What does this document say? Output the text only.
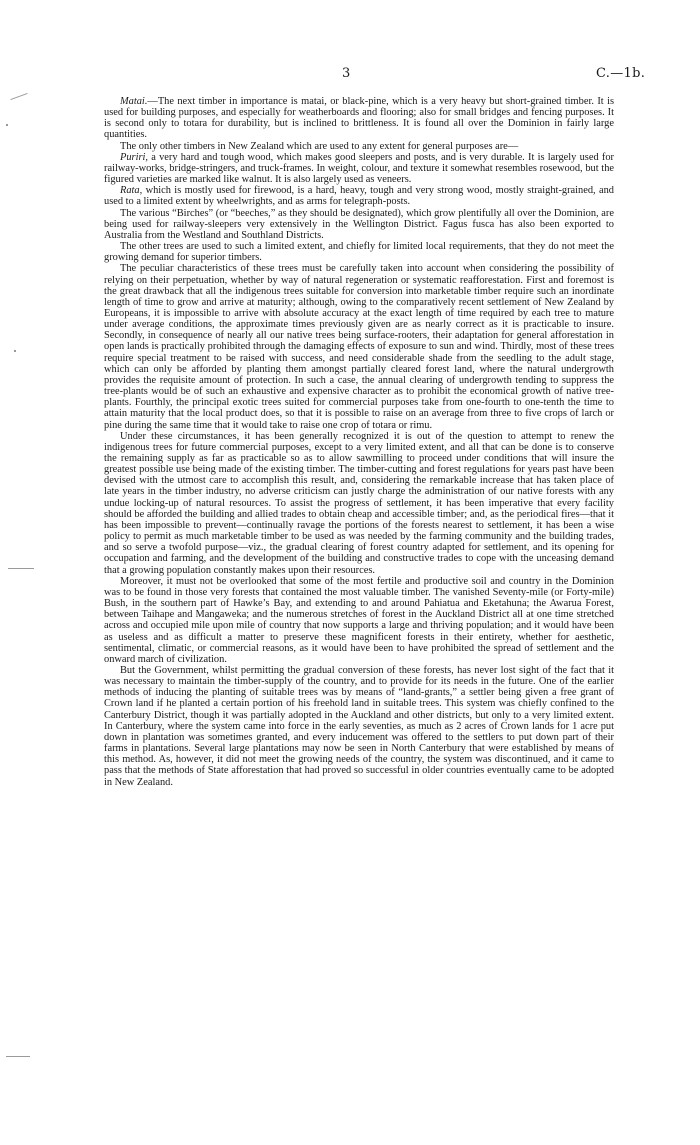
3	C.—1b.

Matai.—The next timber in importance is matai, or black-pine, which is a very heavy but short-grained timber. It is used for building purposes, and especially for weatherboards and flooring; also for small bridges and fencing purposes. It is second only to totara for durability, but is inclined to brittleness. It is found all over the Dominion in fairly large quantities.

The only other timbers in New Zealand which are used to any extent for general purposes are—

Puriri, a very hard and tough wood, which makes good sleepers and posts, and is very durable. It is largely used for railway-works, bridge-stringers, and truck-frames. In weight, colour, and texture it somewhat resembles rosewood, but the figured varieties are marked like walnut. It is also largely used as veneers.

Rata, which is mostly used for firewood, is a hard, heavy, tough and very strong wood, mostly straight-grained, and used to a limited extent by wheelwrights, and as arms for telegraph-posts.

The various “Birches” (or “beeches,” as they should be designated), which grow plentifully all over the Dominion, are being used for railway-sleepers very extensively in the Wellington District. Fagus fusca has also been exported to Australia from the Westland and Southland Districts.

The other trees are used to such a limited extent, and chiefly for limited local requirements, that they do not meet the growing demand for superior timbers.

The peculiar characteristics of these trees must be carefully taken into account when considering the possibility of relying on their perpetuation, whether by way of natural regeneration or systematic reafforestation. First and foremost is the great drawback that all the indigenous trees suitable for conversion into marketable timber require such an inordinate length of time to grow and arrive at maturity; although, owing to the comparatively recent settlement of New Zealand by Europeans, it is impossible to arrive with absolute accuracy at the exact length of time required by each tree to mature under average conditions, the approximate times previously given are as nearly correct as it is practicable to insure. Secondly, in consequence of nearly all our native trees being surface-rooters, their adaptation for general afforestation in open lands is practically prohibited through the damaging effects of exposure to sun and wind. Thirdly, most of these trees require special treatment to be raised with success, and need considerable shade from the seedling to the adult stage, which can only be afforded by planting them amongst partially cleared forest land, where the natural undergrowth provides the requisite amount of protection. In such a case, the annual clearing of undergrowth tending to suppress the tree-plants would be of such an exhaustive and expensive character as to prohibit the economical growth of native tree-plants. Fourthly, the principal exotic trees suited for commercial purposes take from one-fourth to one-tenth the time to attain maturity that the local product does, so that it is possible to raise on an average from three to five crops of larch or pine during the same time that it would take to raise one crop of totara or rimu.

Under these circumstances, it has been generally recognized it is out of the question to attempt to renew the indigenous trees for future commercial purposes, except to a very limited extent, and all that can be done is to conserve the remaining supply as far as practicable so as to allow sawmilling to proceed under conditions that will insure the greatest possible use being made of the existing timber. The timber-cutting and forest regulations for years past have been devised with the utmost care to accomplish this result, and, considering the remarkable increase that has taken place of late years in the timber industry, no adverse criticism can justly charge the administration of our native forests with any undue locking-up of natural resources. To assist the progress of settlement, it has been imperative that every facility should be afforded the building and allied trades to obtain cheap and accessible timber; and, as the periodical fires—that it has been impossible to prevent—continually ravage the portions of the forests nearest to settlement, it has been a wise policy to permit as much marketable timber to be used as was needed by the farming community and the building trades, and so serve a twofold purpose—viz., the gradual clearing of forest country adapted for settlement, and its opening for occupation and farming, and the development of the building and constructive trades to cope with the unceasing demand that a growing population constantly makes upon their resources.

Moreover, it must not be overlooked that some of the most fertile and productive soil and country in the Dominion was to be found in those very forests that contained the most valuable timber. The vanished Seventy-mile (or Forty-mile) Bush, in the southern part of Hawke’s Bay, and extending to and around Pahiatua and Eketahuna; the Awarua Forest, between Taihape and Mangaweka; and the numerous stretches of forest in the Auckland District all at one time stretched across and occupied mile upon mile of country that now supports a large and thriving population; and it would have been as useless and as difficult a matter to preserve these magnificent forests in their entirety, whether for aesthetic, sentimental, climatic, or commercial reasons, as it would have been to have prohibited the spread of settlement and the onward march of civilization.

But the Government, whilst permitting the gradual conversion of these forests, has never lost sight of the fact that it was necessary to maintain the timber-supply of the country, and to provide for its needs in the future. One of the earlier methods of inducing the planting of suitable trees was by means of “land-grants,” a settler being given a free grant of Crown land if he planted a certain portion of his freehold land in suitable trees. This system was chiefly confined to the Canterbury District, though it was partially adopted in the Auckland and other districts, but only to a very limited extent. In Canterbury, where the system came into force in the early seventies, as much as 2 acres of Crown lands for 1 acre put down in plantation was sometimes granted, and every inducement was offered to the settlers to put down part of their farms in plantations. Several large plantations may now be seen in North Canterbury that were established by means of this method. As, however, it did not meet the growing needs of the country, the system was discontinued, and it came to pass that the methods of State afforestation that had proved so successful in older countries eventually came to be adopted in New Zealand.
